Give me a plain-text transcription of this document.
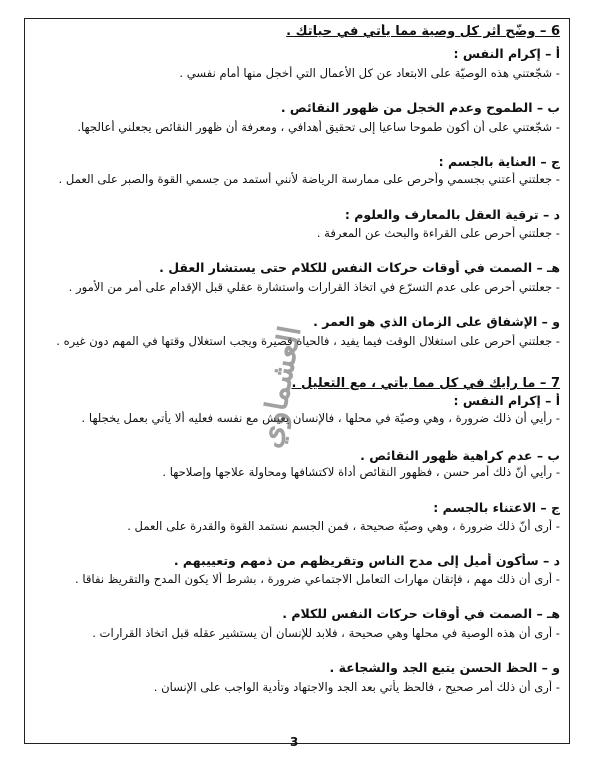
6 – وضّح أثر كل وصية مما يأتي في حياتك .
أ – إكرام النفس :
- شجّعتني هذه الوصيّة على الابتعاد عن كل الأعمال التي أخجل منها أمام نفسي .
ب – الطموح وعدم الخجل من ظهور النقائص .
- شجّعتني على أن أكون طموحا ساعيا إلى تحقيق أهدافي ، ومعرفة أن ظهور النقائص يجعلني أعالجها.
ج – العناية بالجسم :
- جعلتني أعتني بجسمي وأحرص على ممارسة الرياضة لأنني أستمد من جسمي القوة والصبر على العمل .
د – ترقية العقل بالمعارف والعلوم :
- جعلتني أحرص على القراءة والبحث عن المعرفة .
هـ – الصمت في أوقات حركات النفس للكلام حتى يستشار العقل .
- جعلتني أحرص على عدم التسرّع في اتخاذ القرارات واستشارة عقلي قبل الإقدام على أمر من الأمور .
و – الإشفاق على الزمان الذي هو العمر .
- جعلتني أحرص على استغلال الوقت فيما يفيد ، فالحياة قصيرة ويجب استغلال وقتها في المهم دون غيره .
7 – ما رأيك في كل مما يأتي ، مع التعليل .
أ – إكرام النفس :
- رأيي أن ذلك ضرورة ، وهي وصيّة في محلها ، فالإنسان يعيش مع نفسه فعليه ألا يأتي بعمل يخجلها .
ب – عدم كراهية ظهور النقائص .
- رأيي أنّ ذلك أمر حسن ، فظهور النقائص أداة لاكتشافها ومحاولة علاجها وإصلاحها .
ج – الاعتناء بالجسم :
- أرى أنّ ذلك ضرورة ، وهي وصيّة صحيحة ، فمن الجسم نستمد القوة والقدرة على العمل .
د – سأكون أميل إلى مدح الناس وتقريظهم من ذمهم وتعييبهم .
- أرى أن ذلك مهم ، فإتقان مهارات التعامل الاجتماعي ضرورة ، بشرط ألا يكون المدح والتقريظ نفاقا .
هـ – الصمت في أوقات حركات النفس للكلام .
- أرى أن هذه الوصية في محلها وهي صحيحة ، فلابد للإنسان أن يستشير عقله قبل اتخاذ القرارات .
و – الحظ الحسن يتبع الجد والشجاعة .
- أرى أن ذلك أمر صحيح ، فالحظ يأتي بعد الجد والاجتهاد وتأدية الواجب على الإنسان .
العشماوي
3
